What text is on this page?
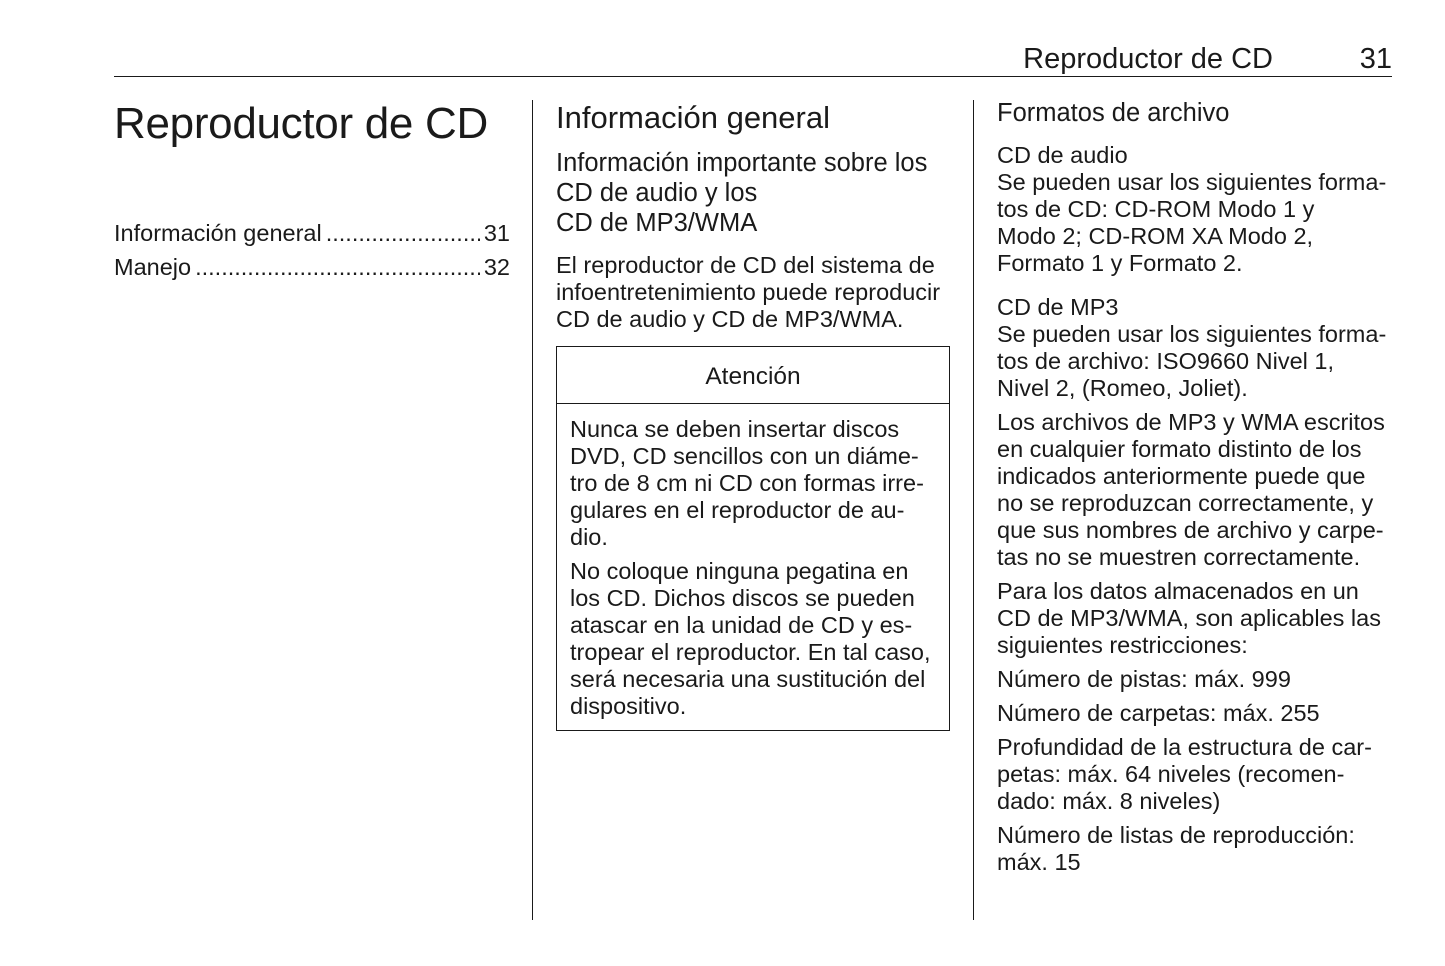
Reproductor de CD	31
Reproductor de CD
Información general .....	31
Manejo .....	32
Información general
Información importante sobre los
CD de audio y los
CD de MP3/WMA
El reproductor de CD del sistema de
infoentretenimiento puede reproducir
CD de audio y CD de MP3/WMA.
Atención
Nunca se deben insertar discos
DVD, CD sencillos con un diáme-
tro de 8 cm ni CD con formas irre-
gulares en el reproductor de au-
dio.
No coloque ninguna pegatina en
los CD. Dichos discos se pueden
atascar en la unidad de CD y es-
tropear el reproductor. En tal caso,
será necesaria una sustitución del
dispositivo.
Formatos de archivo
CD de audio
Se pueden usar los siguientes forma-
tos de CD: CD-ROM Modo 1 y
Modo 2; CD-ROM XA Modo 2,
Formato 1 y Formato 2.
CD de MP3
Se pueden usar los siguientes forma-
tos de archivo: ISO9660 Nivel 1,
Nivel 2, (Romeo, Joliet).
Los archivos de MP3 y WMA escritos
en cualquier formato distinto de los
indicados anteriormente puede que
no se reproduzcan correctamente, y
que sus nombres de archivo y carpe-
tas no se muestren correctamente.
Para los datos almacenados en un
CD de MP3/WMA, son aplicables las
siguientes restricciones:
Número de pistas: máx. 999
Número de carpetas: máx. 255
Profundidad de la estructura de car-
petas: máx. 64 niveles (recomen-
dado: máx. 8 niveles)
Número de listas de reproducción:
máx. 15
